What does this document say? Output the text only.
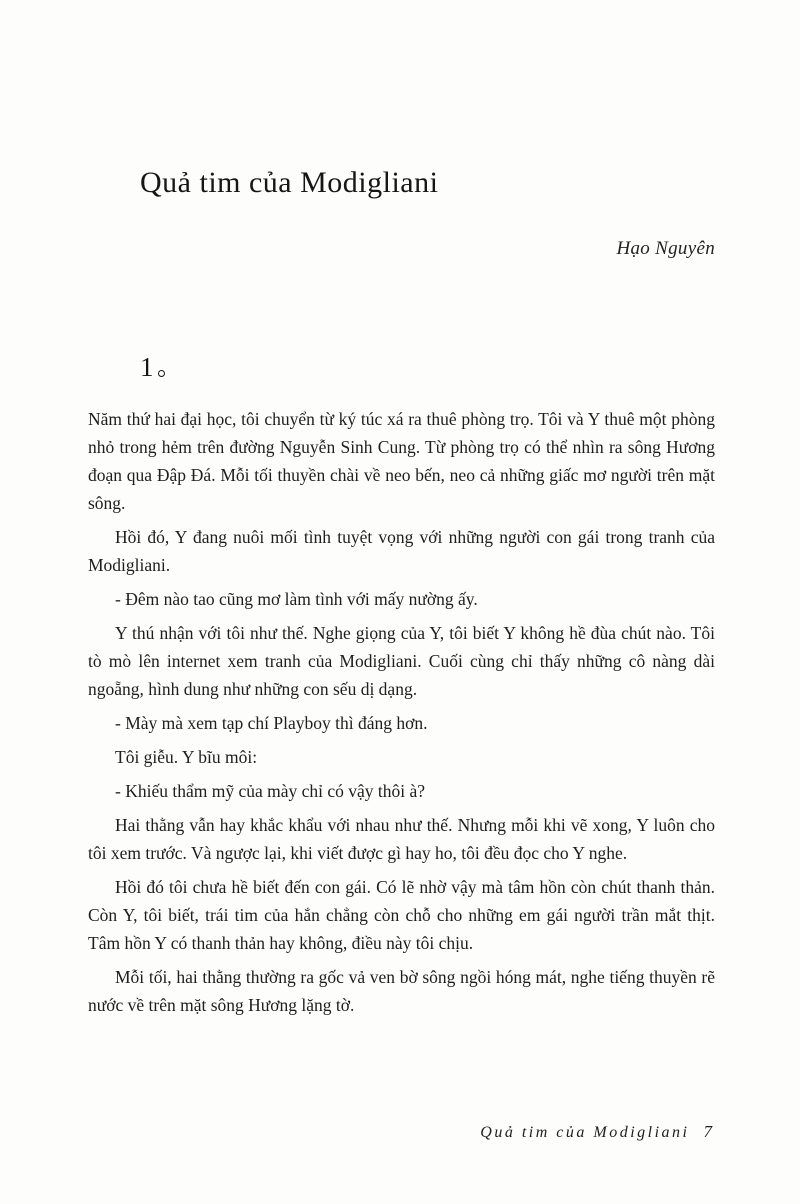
Quả tim của Modigliani
Hạo Nguyên
1

Năm thứ hai đại học, tôi chuyển từ ký túc xá ra thuê phòng trọ. Tôi và Y thuê một phòng nhỏ trong hẻm trên đường Nguyễn Sinh Cung. Từ phòng trọ có thể nhìn ra sông Hương đoạn qua Đập Đá. Mỗi tối thuyền chài về neo bến, neo cả những giấc mơ người trên mặt sông.

Hồi đó, Y đang nuôi mối tình tuyệt vọng với những người con gái trong tranh của Modigliani.

- Đêm nào tao cũng mơ làm tình với mấy nường ấy.

Y thú nhận với tôi như thế. Nghe giọng của Y, tôi biết Y không hề đùa chút nào. Tôi tò mò lên internet xem tranh của Modigliani. Cuối cùng chỉ thấy những cô nàng dài ngoẵng, hình dung như những con sếu dị dạng.

- Mày mà xem tạp chí Playboy thì đáng hơn.

Tôi giễu. Y bĩu môi:

- Khiếu thẩm mỹ của mày chỉ có vậy thôi à?

Hai thằng vẫn hay khắc khẩu với nhau như thế. Nhưng mỗi khi vẽ xong, Y luôn cho tôi xem trước. Và ngược lại, khi viết được gì hay ho, tôi đều đọc cho Y nghe.

Hồi đó tôi chưa hề biết đến con gái. Có lẽ nhờ vậy mà tâm hồn còn chút thanh thản. Còn Y, tôi biết, trái tim của hắn chẳng còn chỗ cho những em gái người trần mắt thịt. Tâm hồn Y có thanh thản hay không, điều này tôi chịu.

Mỗi tối, hai thằng thường ra gốc vả ven bờ sông ngồi hóng mát, nghe tiếng thuyền rẽ nước về trên mặt sông Hương lặng tờ.

Quả tim của Modigliani 7
